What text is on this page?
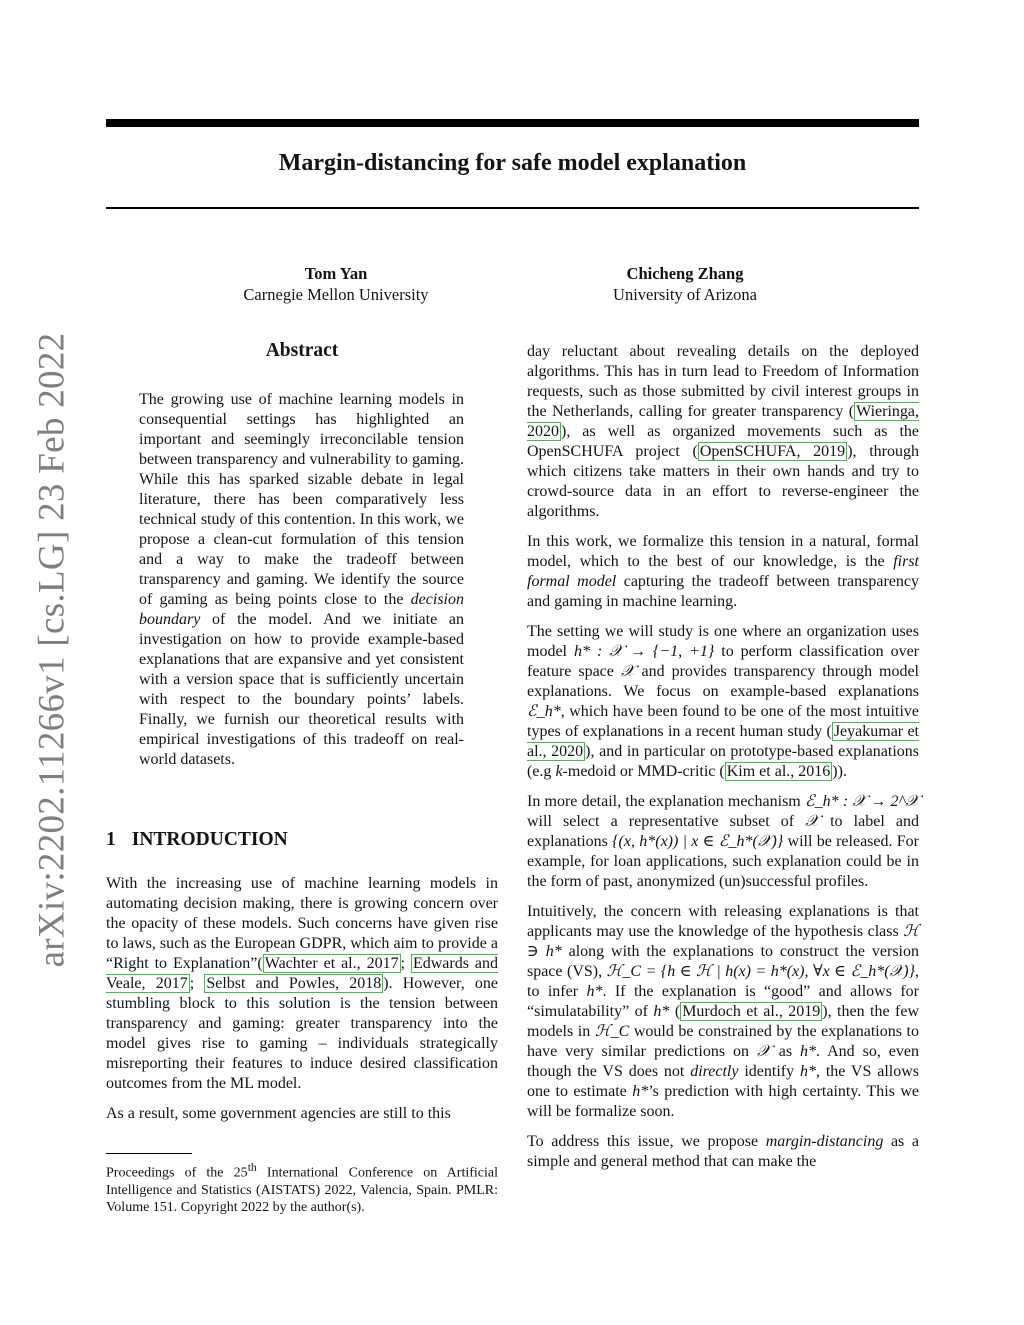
Margin-distancing for safe model explanation
Tom Yan
Carnegie Mellon University
Chicheng Zhang
University of Arizona
arXiv:2202.11266v1 [cs.LG] 23 Feb 2022	Abstract
The growing use of machine learning models in consequential settings has highlighted an important and seemingly irreconcilable tension between transparency and vulnerability to gaming. While this has sparked sizable debate in legal literature, there has been comparatively less technical study of this contention. In this work, we propose a clean-cut formulation of this tension and a way to make the tradeoff between transparency and gaming. We identify the source of gaming as being points close to the decision boundary of the model. And we initiate an investigation on how to provide example-based explanations that are expansive and yet consistent with a version space that is sufficiently uncertain with respect to the boundary points’ labels. Finally, we furnish our theoretical results with empirical investigations of this tradeoff on real-world datasets.
1 INTRODUCTION

With the increasing use of machine learning models in automating decision making, there is growing concern over the opacity of these models. Such concerns have given rise to laws, such as the European GDPR, which aim to provide a “Right to Explanation”( Wachter et al., 2017 ; Edwards and Veale, 2017 ; Selbst and Powles, 2018 ). However, one stumbling block to this solution is the tension between transparency and gaming: greater transparency into the model gives rise to gaming – individuals strategically misreporting their features to induce desired classification outcomes from the ML model.

As a result, some government agencies are still to this

Proceedings of the 25th International Conference on Artificial Intelligence and Statistics (AISTATS) 2022, Valencia, Spain. PMLR: Volume 151. Copyright 2022 by the author(s).

day reluctant about revealing details on the deployed algorithms. This has in turn lead to Freedom of Information requests, such as those submitted by civil interest groups in the Netherlands, calling for greater transparency ( Wieringa, 2020 ), as well as organized movements such as the OpenSCHUFA project ( OpenSCHUFA, 2019 ), through which citizens take matters in their own hands and try to crowd-source data in an effort to reverse-engineer the algorithms.

In this work, we formalize this tension in a natural, formal model, which to the best of our knowledge, is the first formal model capturing the tradeoff between transparency and gaming in machine learning.

The setting we will study is one where an organization uses model h* : 𝒳 → {−1, +1} to perform classification over feature space 𝒳 and provides transparency through model explanations. We focus on example-based explanations ℰ_h*, which have been found to be one of the most intuitive types of explanations in a recent human study ( Jeyakumar et al., 2020 ), and in particular on prototype-based explanations (e.g k-medoid or MMD-critic ( Kim et al., 2016 )).

In more detail, the explanation mechanism ℰ_h* : 𝒳 → 2^𝒳 will select a representative subset of 𝒳 to label and explanations {(x, h*(x)) | x ∈ ℰ_h*(𝒳)} will be released. For example, for loan applications, such explanation could be in the form of past, anonymized (un)successful profiles.

Intuitively, the concern with releasing explanations is that applicants may use the knowledge of the hypothesis class ℋ ∋ h* along with the explanations to construct the version space (VS), ℋ_C = {h ∈ ℋ | h(x) = h*(x), ∀x ∈ ℰ_h*(𝒳)}, to infer h*. If the explanation is “good” and allows for “simulatability” of h* ( Murdoch et al., 2019 ), then the few models in ℋ_C would be constrained by the explanations to have very similar predictions on 𝒳 as h*. And so, even though the VS does not directly identify h*, the VS allows one to estimate h*’s prediction with high certainty. This we will be formalize soon.

To address this issue, we propose margin-distancing as a simple and general method that can make the
